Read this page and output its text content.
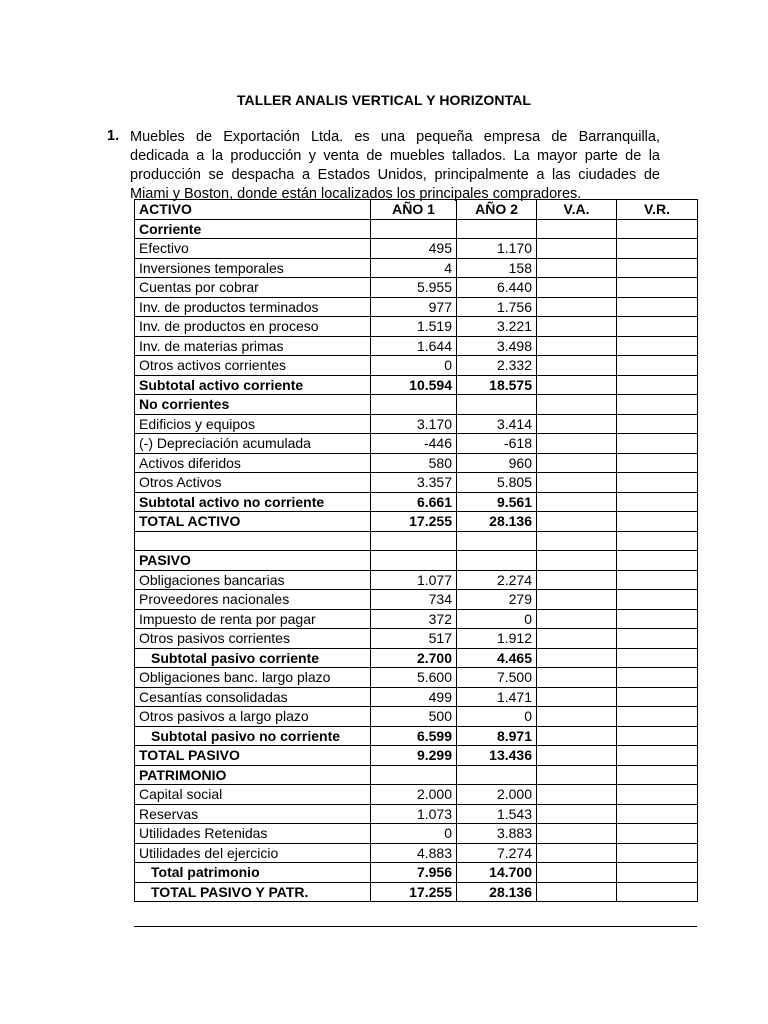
TALLER ANALIS VERTICAL Y HORIZONTAL
1. Muebles de Exportación Ltda. es una pequeña empresa de Barranquilla,
dedicada a la producción y venta de muebles tallados. La mayor parte de la
producción se despacha a Estados Unidos, principalmente a las ciudades de
Miami y Boston, donde están localizados los principales compradores.
ACTIVO	AÑO 1	AÑO 2	V.A.	V.R.
Corriente				
Efectivo	495	1.170		
Inversiones temporales	4	158		
Cuentas por cobrar	5.955	6.440		
Inv. de productos terminados	977	1.756		
Inv. de productos en proceso	1.519	3.221		
Inv. de materias primas	1.644	3.498		
Otros activos corrientes	0	2.332		
Subtotal activo corriente	10.594	18.575		
No corrientes				
Edificios y equipos	3.170	3.414		
(-) Depreciación acumulada	-446	-618		
Activos diferidos	580	960		
Otros Activos	3.357	5.805		
Subtotal activo no corriente	6.661	9.561		
TOTAL ACTIVO	17.255	28.136		

PASIVO				
Obligaciones bancarias	1.077	2.274		
Proveedores nacionales	734	279		
Impuesto de renta por pagar	372	0		
Otros pasivos corrientes	517	1.912		
Subtotal pasivo corriente	2.700	4.465		
Obligaciones banc. largo plazo	5.600	7.500		
Cesantías consolidadas	499	1.471		
Otros pasivos a largo plazo	500	0		
Subtotal pasivo no corriente	6.599	8.971		
TOTAL PASIVO	9.299	13.436		
PATRIMONIO				
Capital social	2.000	2.000		
Reservas	1.073	1.543		
Utilidades Retenidas	0	3.883		
Utilidades del ejercicio	4.883	7.274		
Total patrimonio	7.956	14.700		
TOTAL PASIVO Y PATR.	17.255	28.136		
